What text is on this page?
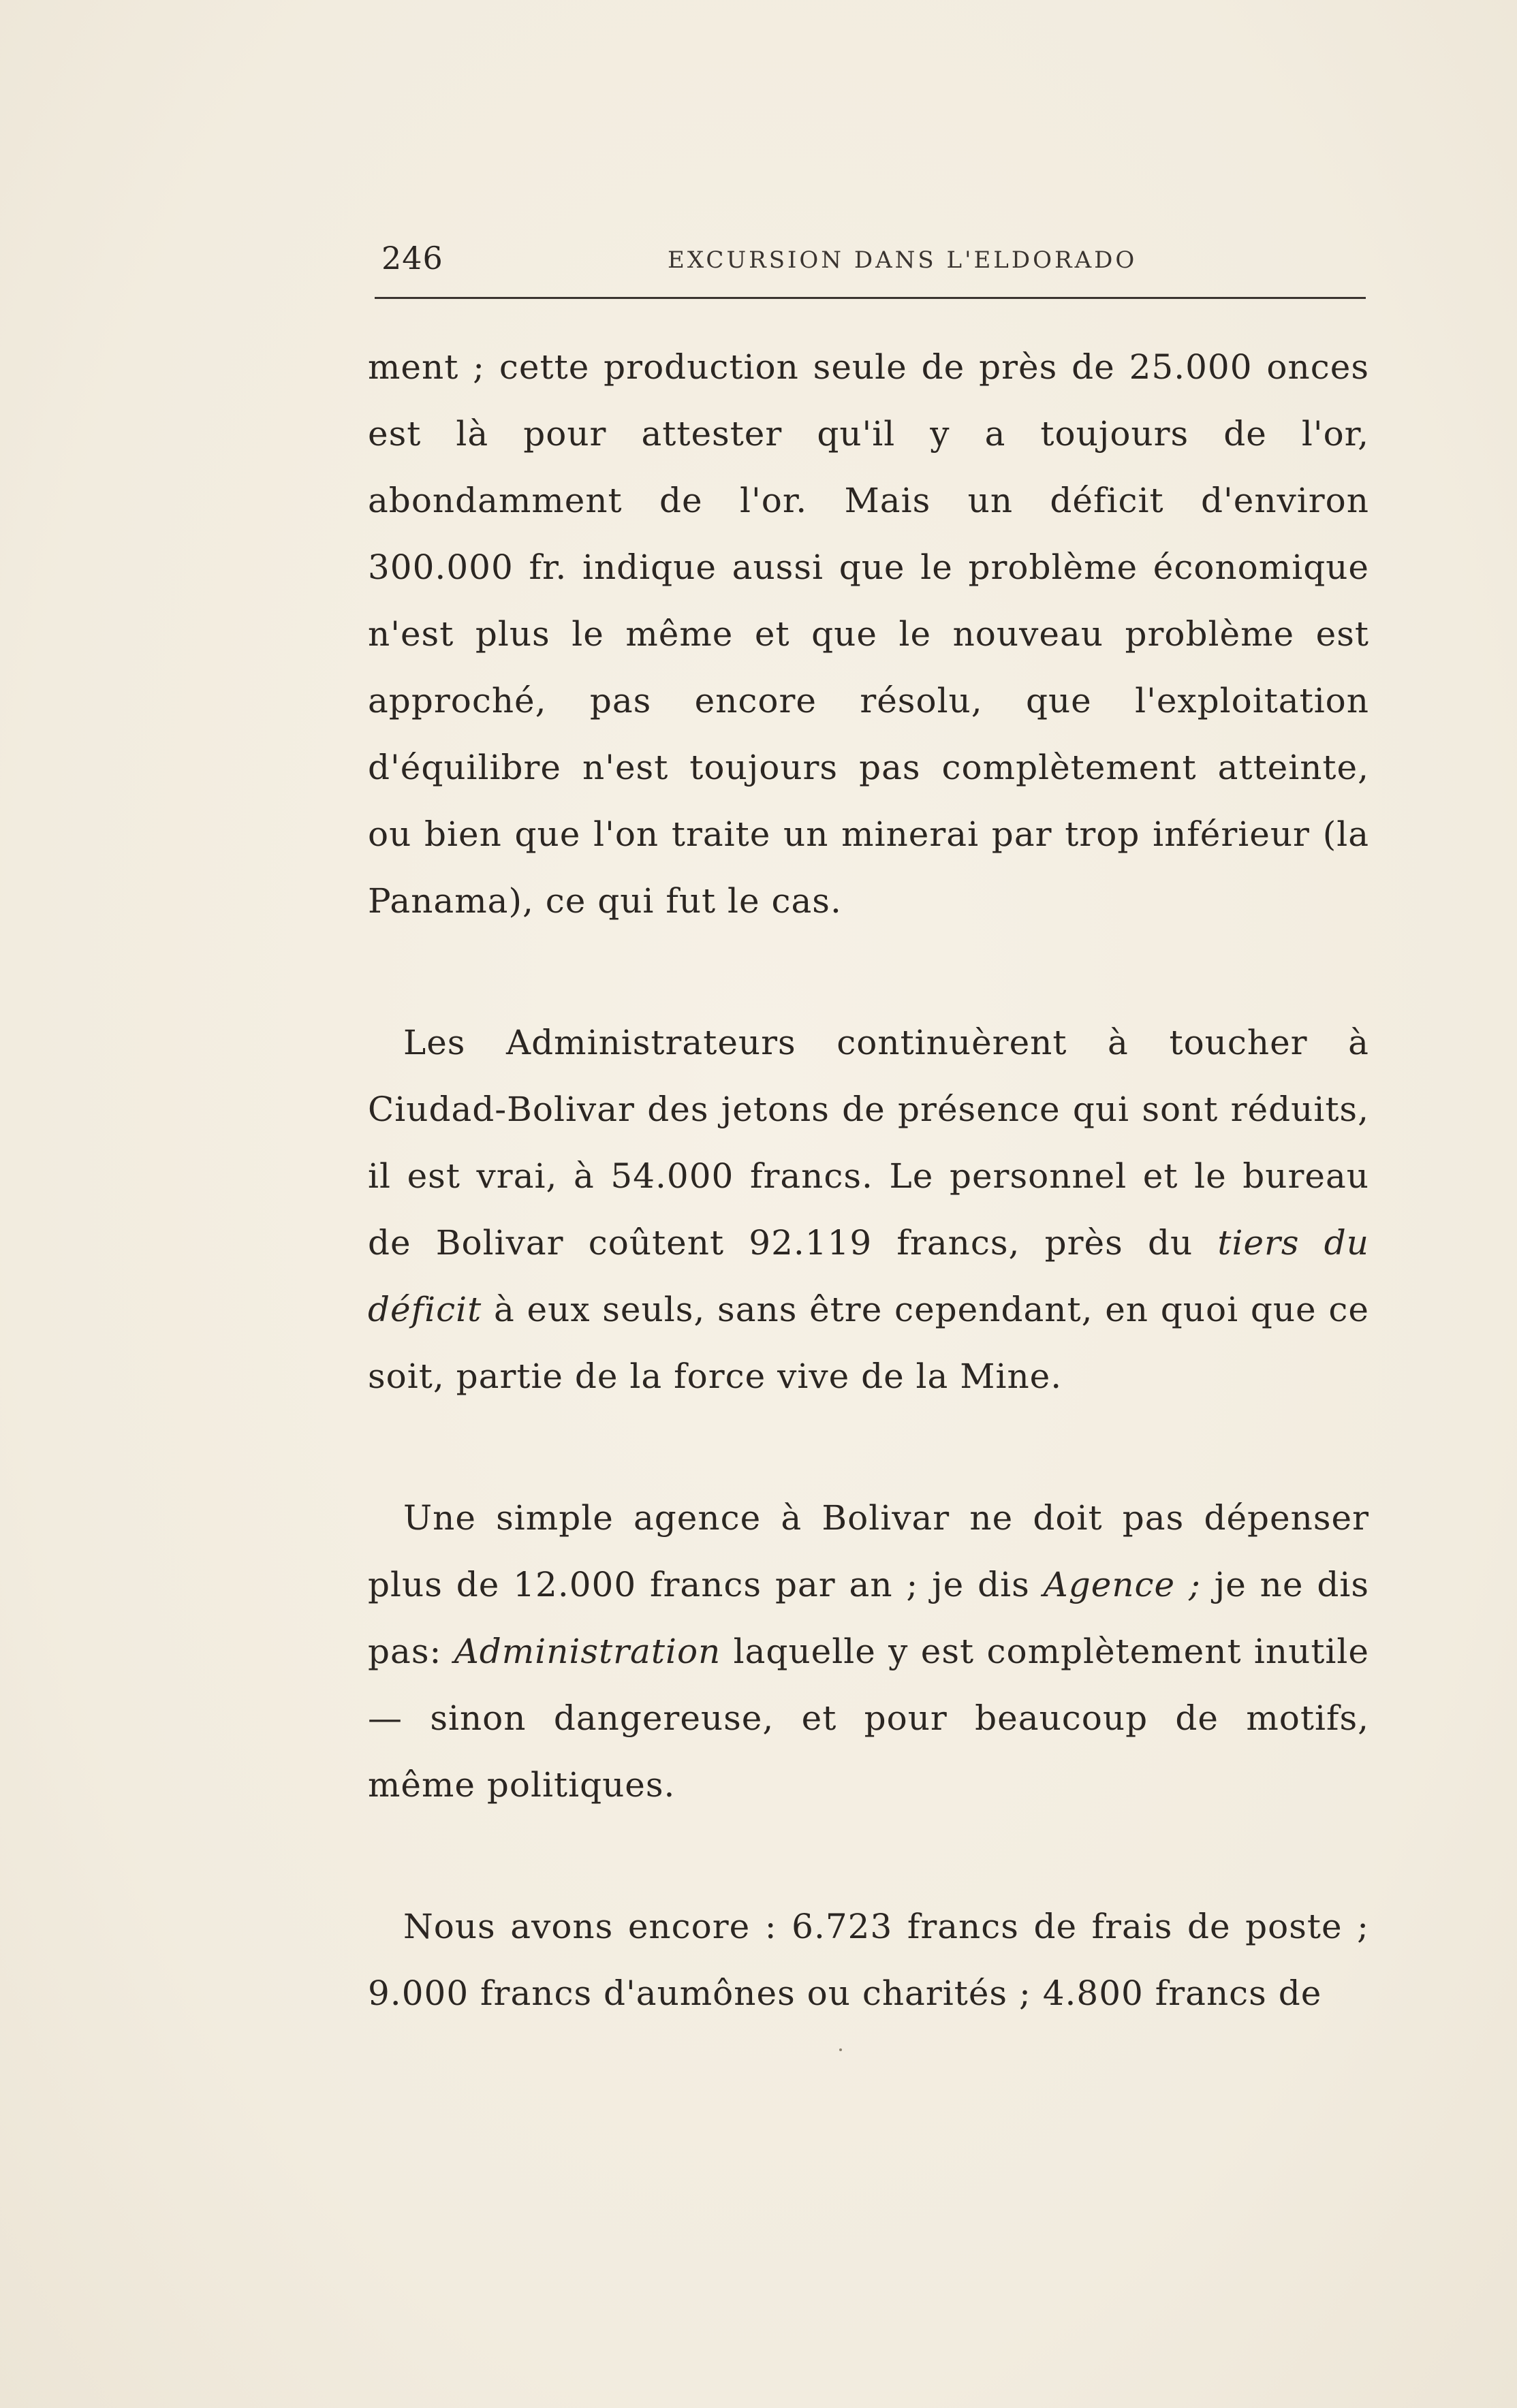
246	EXCURSION DANS L'ELDORADO

ment ; cette production seule de près de 25.000 onces est là pour attester qu'il y a toujours de l'or, abondamment de l'or. Mais un déficit d'environ 300.000 fr. indique aussi que le problème économique n'est plus le même et que le nouveau problème est approché, pas encore résolu, que l'exploitation d'équilibre n'est toujours pas complètement atteinte, ou bien que l'on traite un minerai par trop inférieur (la Panama), ce qui fut le cas.

Les Administrateurs continuèrent à toucher à Ciudad-Bolivar des jetons de présence qui sont réduits, il est vrai, à 54.000 francs. Le personnel et le bureau de Bolivar coûtent 92.119 francs, près du tiers du déficit à eux seuls, sans être cependant, en quoi que ce soit, partie de la force vive de la Mine.

Une simple agence à Bolivar ne doit pas dépenser plus de 12.000 francs par an ; je dis Agence ; je ne dis pas: Administration laquelle y est complètement inutile — sinon dangereuse, et pour beaucoup de motifs, même politiques.

Nous avons encore : 6.723 francs de frais de poste ; 9.000 francs d'aumônes ou charités ; 4.800 francs de
